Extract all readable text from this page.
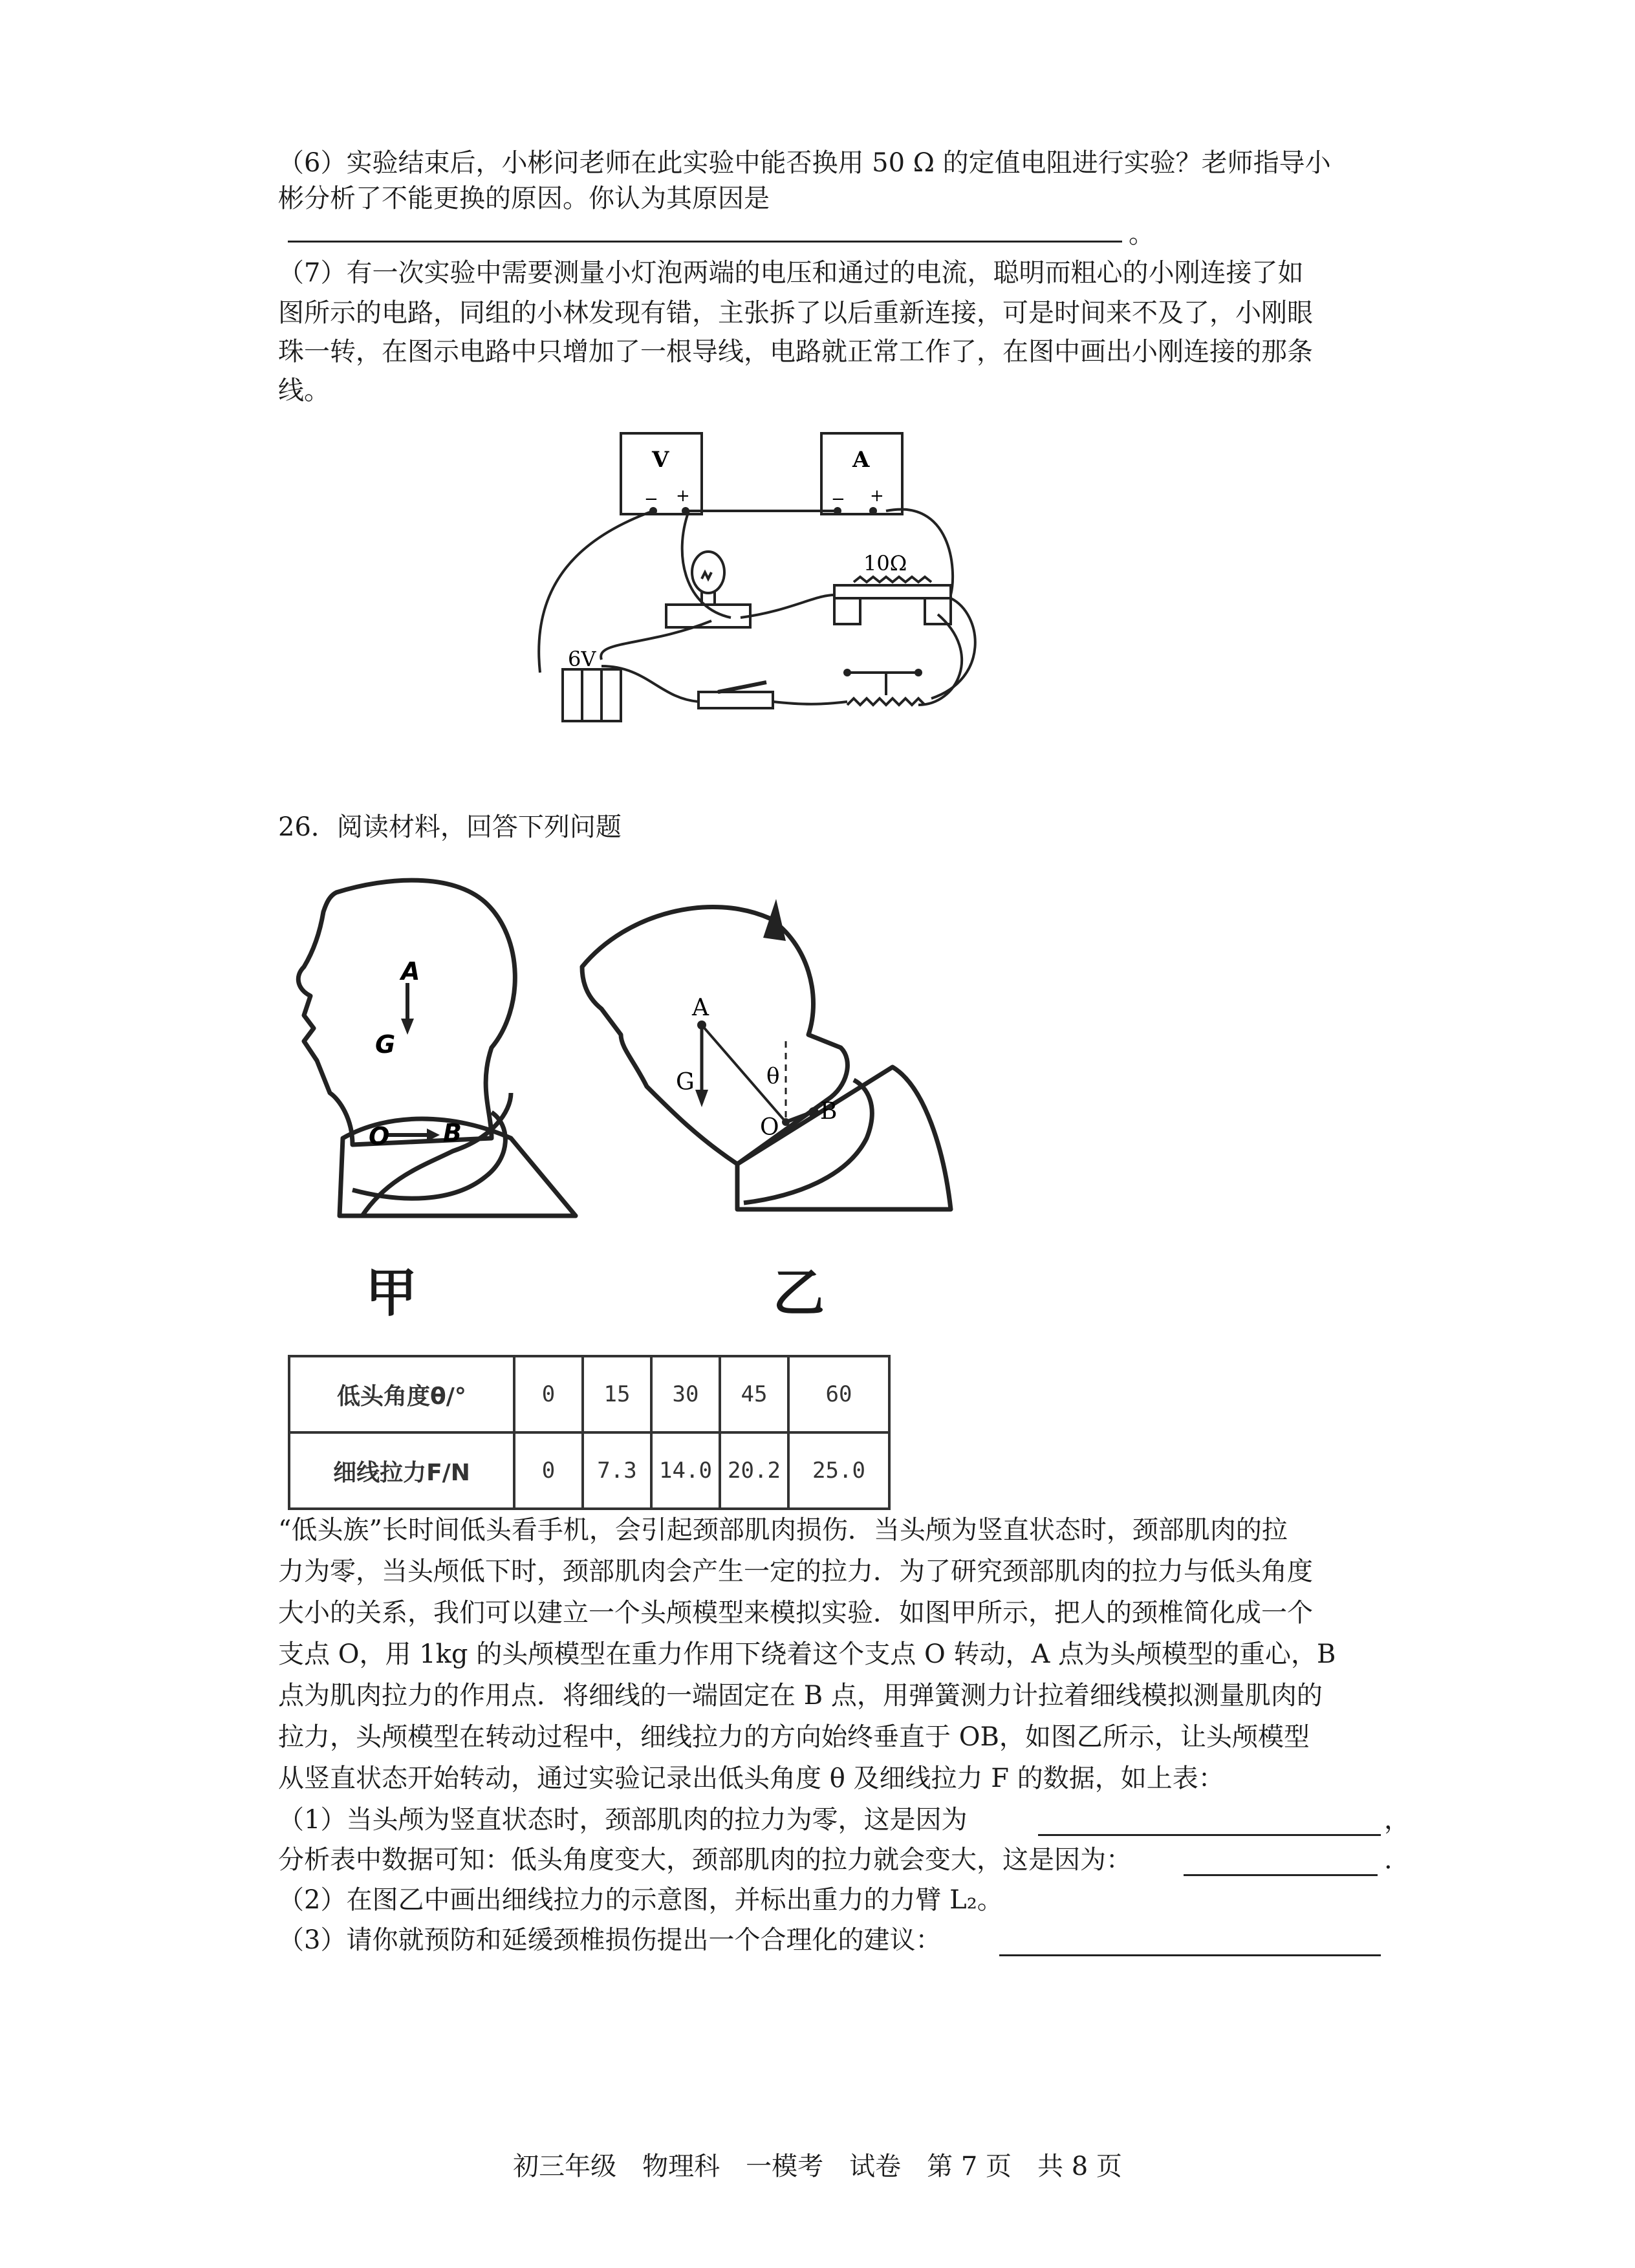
（6）实验结束后，小彬问老师在此实验中能否换用 50 Ω 的定值电阻进行实验？老师指导小
彬分析了不能更换的原因。你认为其原因是
。
（7）有一次实验中需要测量小灯泡两端的电压和通过的电流，聪明而粗心的小刚连接了如
图所示的电路，同组的小林发现有错，主张拆了以后重新连接，可是时间来不及了，小刚眼
珠一转，在图示电路中只增加了一根导线，电路就正常工作了，在图中画出小刚连接的那条
线。
V	A
− +	− +
10Ω
6V
26．阅读材料，回答下列问题
A
G
O B
A
G
O
B
θ
甲	乙
低头角度θ/°	0	15	30	45	60
细线拉力F/N	0	7.3	14.0	20.2	25.0
“低头族”长时间低头看手机，会引起颈部肌肉损伤．当头颅为竖直状态时，颈部肌肉的拉
力为零，当头颅低下时，颈部肌肉会产生一定的拉力．为了研究颈部肌肉的拉力与低头角度
大小的关系，我们可以建立一个头颅模型来模拟实验．如图甲所示，把人的颈椎简化成一个
支点 O，用 1kg 的头颅模型在重力作用下绕着这个支点 O 转动，A 点为头颅模型的重心，B
点为肌肉拉力的作用点．将细线的一端固定在 B 点，用弹簧测力计拉着细线模拟测量肌肉的
拉力，头颅模型在转动过程中，细线拉力的方向始终垂直于 OB，如图乙所示，让头颅模型
从竖直状态开始转动，通过实验记录出低头角度 θ 及细线拉力 F 的数据，如上表：
（1）当头颅为竖直状态时，颈部肌肉的拉力为零，这是因为	，
分析表中数据可知：低头角度变大，颈部肌肉的拉力就会变大，这是因为：	.
（2）在图乙中画出细线拉力的示意图，并标出重力的力臂 L₂。
（3）请你就预防和延缓颈椎损伤提出一个合理化的建议：
初三年级　物理科　一模考　试卷　第 7 页　共 8 页
